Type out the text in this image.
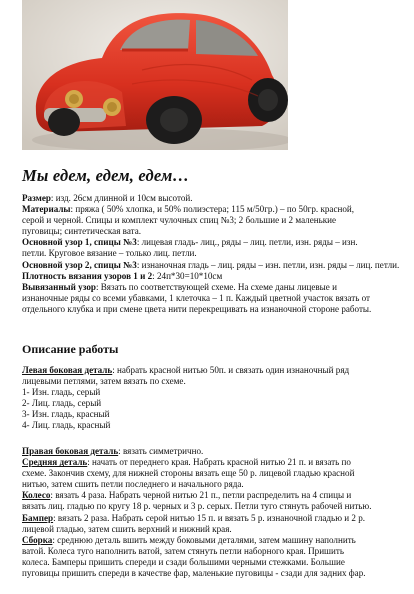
Мы едем, едем, едем…
Размер: изд. 26см длинной и 10см высотой.
Материалы: пряжа ( 50% хлопка, и 50% полиэстера; 115 м/50гр.) – по 50гр. красной,
серой и черной. Спицы и комплект чулочных спиц №3; 2 большие и 2 маленькие
пуговицы; синтетическая вата.
Основной узор 1, спицы №3: лицевая гладь- лиц., ряды – лиц. петли, изн. ряды – изн.
петли. Круговое вязание – только лиц. петли.
Основной узор 2, спицы №3: изнаночная гладь – лиц. ряды – изн. петли, изн. ряды – лиц. петли.
Плотность вязания узоров 1 и 2: 24п*30=10*10см
Вывязанный узор: Вязать по соответствующей схеме. На схеме даны лицевые и
изнаночные ряды со всеми убавками, 1 клеточка – 1 п. Каждый цветной участок вязать от
отдельного клубка и при смене цвета нити перекрещивать на изнаночной стороне работы.
Описание работы
Левая боковая деталь: набрать красной нитью 50п. и связать один изнаночный ряд
лицевыми петлями, затем вязать по схеме.
1- Изн. гладь, серый
2- Лиц. гладь, серый
3- Изн. гладь, красный
4- Лиц. гладь, красный
Правая боковая деталь: вязать симметрично.
Средняя деталь: начать от переднего края. Набрать красной нитью 21 п. и вязать по
схеме. Закончив схему, для нижней стороны вязать еще 50 р. лицевой гладью красной
нитью, затем сшить петли последнего и начального ряда.
Колесо: вязать 4 раза. Набрать черной нитью 21 п., петли распределить на 4 спицы и
вязать лиц. гладью по кругу 18 р. черных и 3 р. серых. Петли туго стянуть рабочей нитью.
Бампер: вязать 2 раза. Набрать серой нитью 15 п. и вязать 5 р. изнаночной гладью и 2 р.
лицевой гладью, затем сшить верхний и нижний края.
Сборка: среднюю деталь вшить между боковыми деталями, затем машину наполнить
ватой. Колеса туго наполнить ватой, затем стянуть петли наборного края. Пришить
колеса. Бамперы пришить спереди и сзади большими черными стежками. Большие
пуговицы пришить спереди в качестве фар, маленькие пуговицы - сзади для задних фар.
